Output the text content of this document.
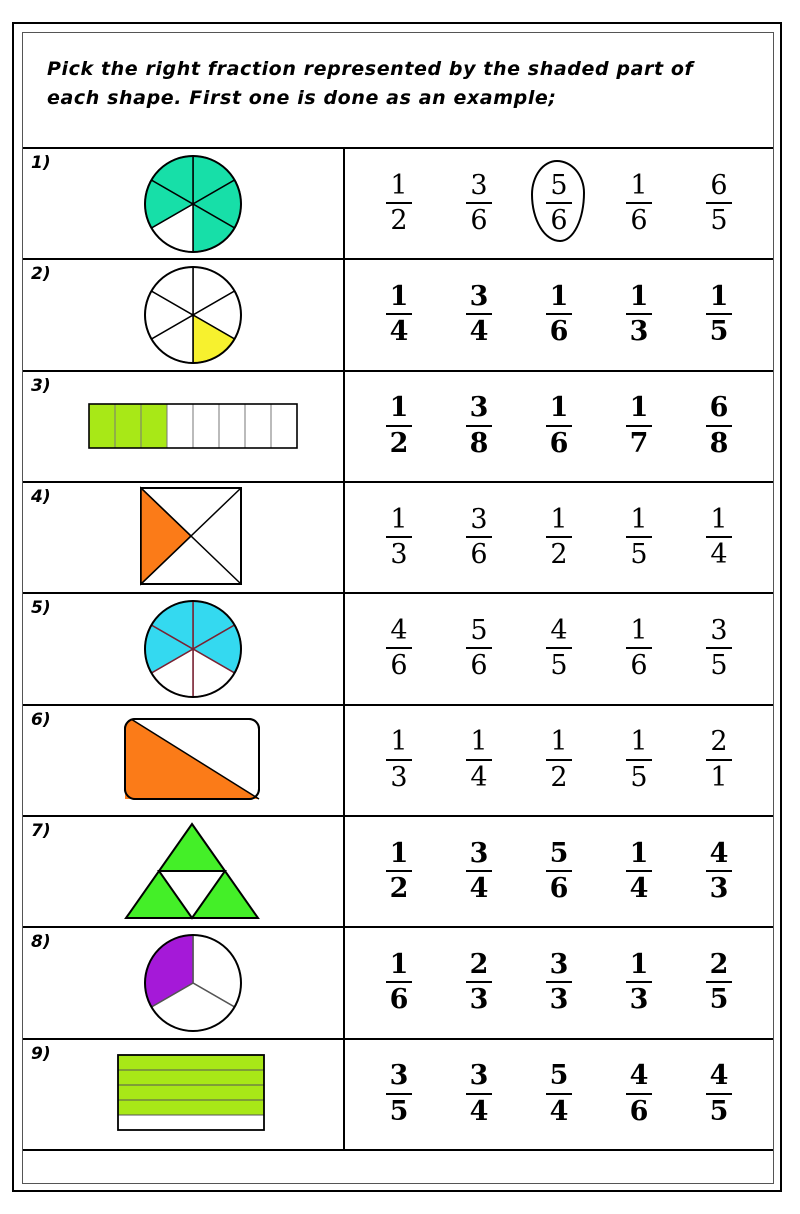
Pick the right fraction represented by the shaded part of each shape. First one is done as an example;
1)
$\frac{1}{2} \frac{3}{6} \frac{5}{6} \frac{1}{6} \frac{6}{5}$
2)
$\frac{1}{4} \frac{3}{4} \frac{1}{6} \frac{1}{3} \frac{1}{5}$
3)
$\frac{1}{2} \frac{3}{8} \frac{1}{6} \frac{1}{7} \frac{6}{8}$
4)
$\frac{1}{3} \frac{3}{6} \frac{1}{2} \frac{1}{5} \frac{1}{4}$
5)
$\frac{4}{6} \frac{5}{6} \frac{4}{5} \frac{1}{6} \frac{3}{5}$
6)
$\frac{1}{3} \frac{1}{4} \frac{1}{2} \frac{1}{5} \frac{2}{1}$
7)
$\frac{1}{2} \frac{3}{4} \frac{5}{6} \frac{1}{4} \frac{4}{3}$
8)
$\frac{1}{6} \frac{2}{3} \frac{3}{3} \frac{1}{3} \frac{2}{5}$
9)
$\frac{3}{5} \frac{3}{4} \frac{5}{4} \frac{4}{6} \frac{4}{5}$
